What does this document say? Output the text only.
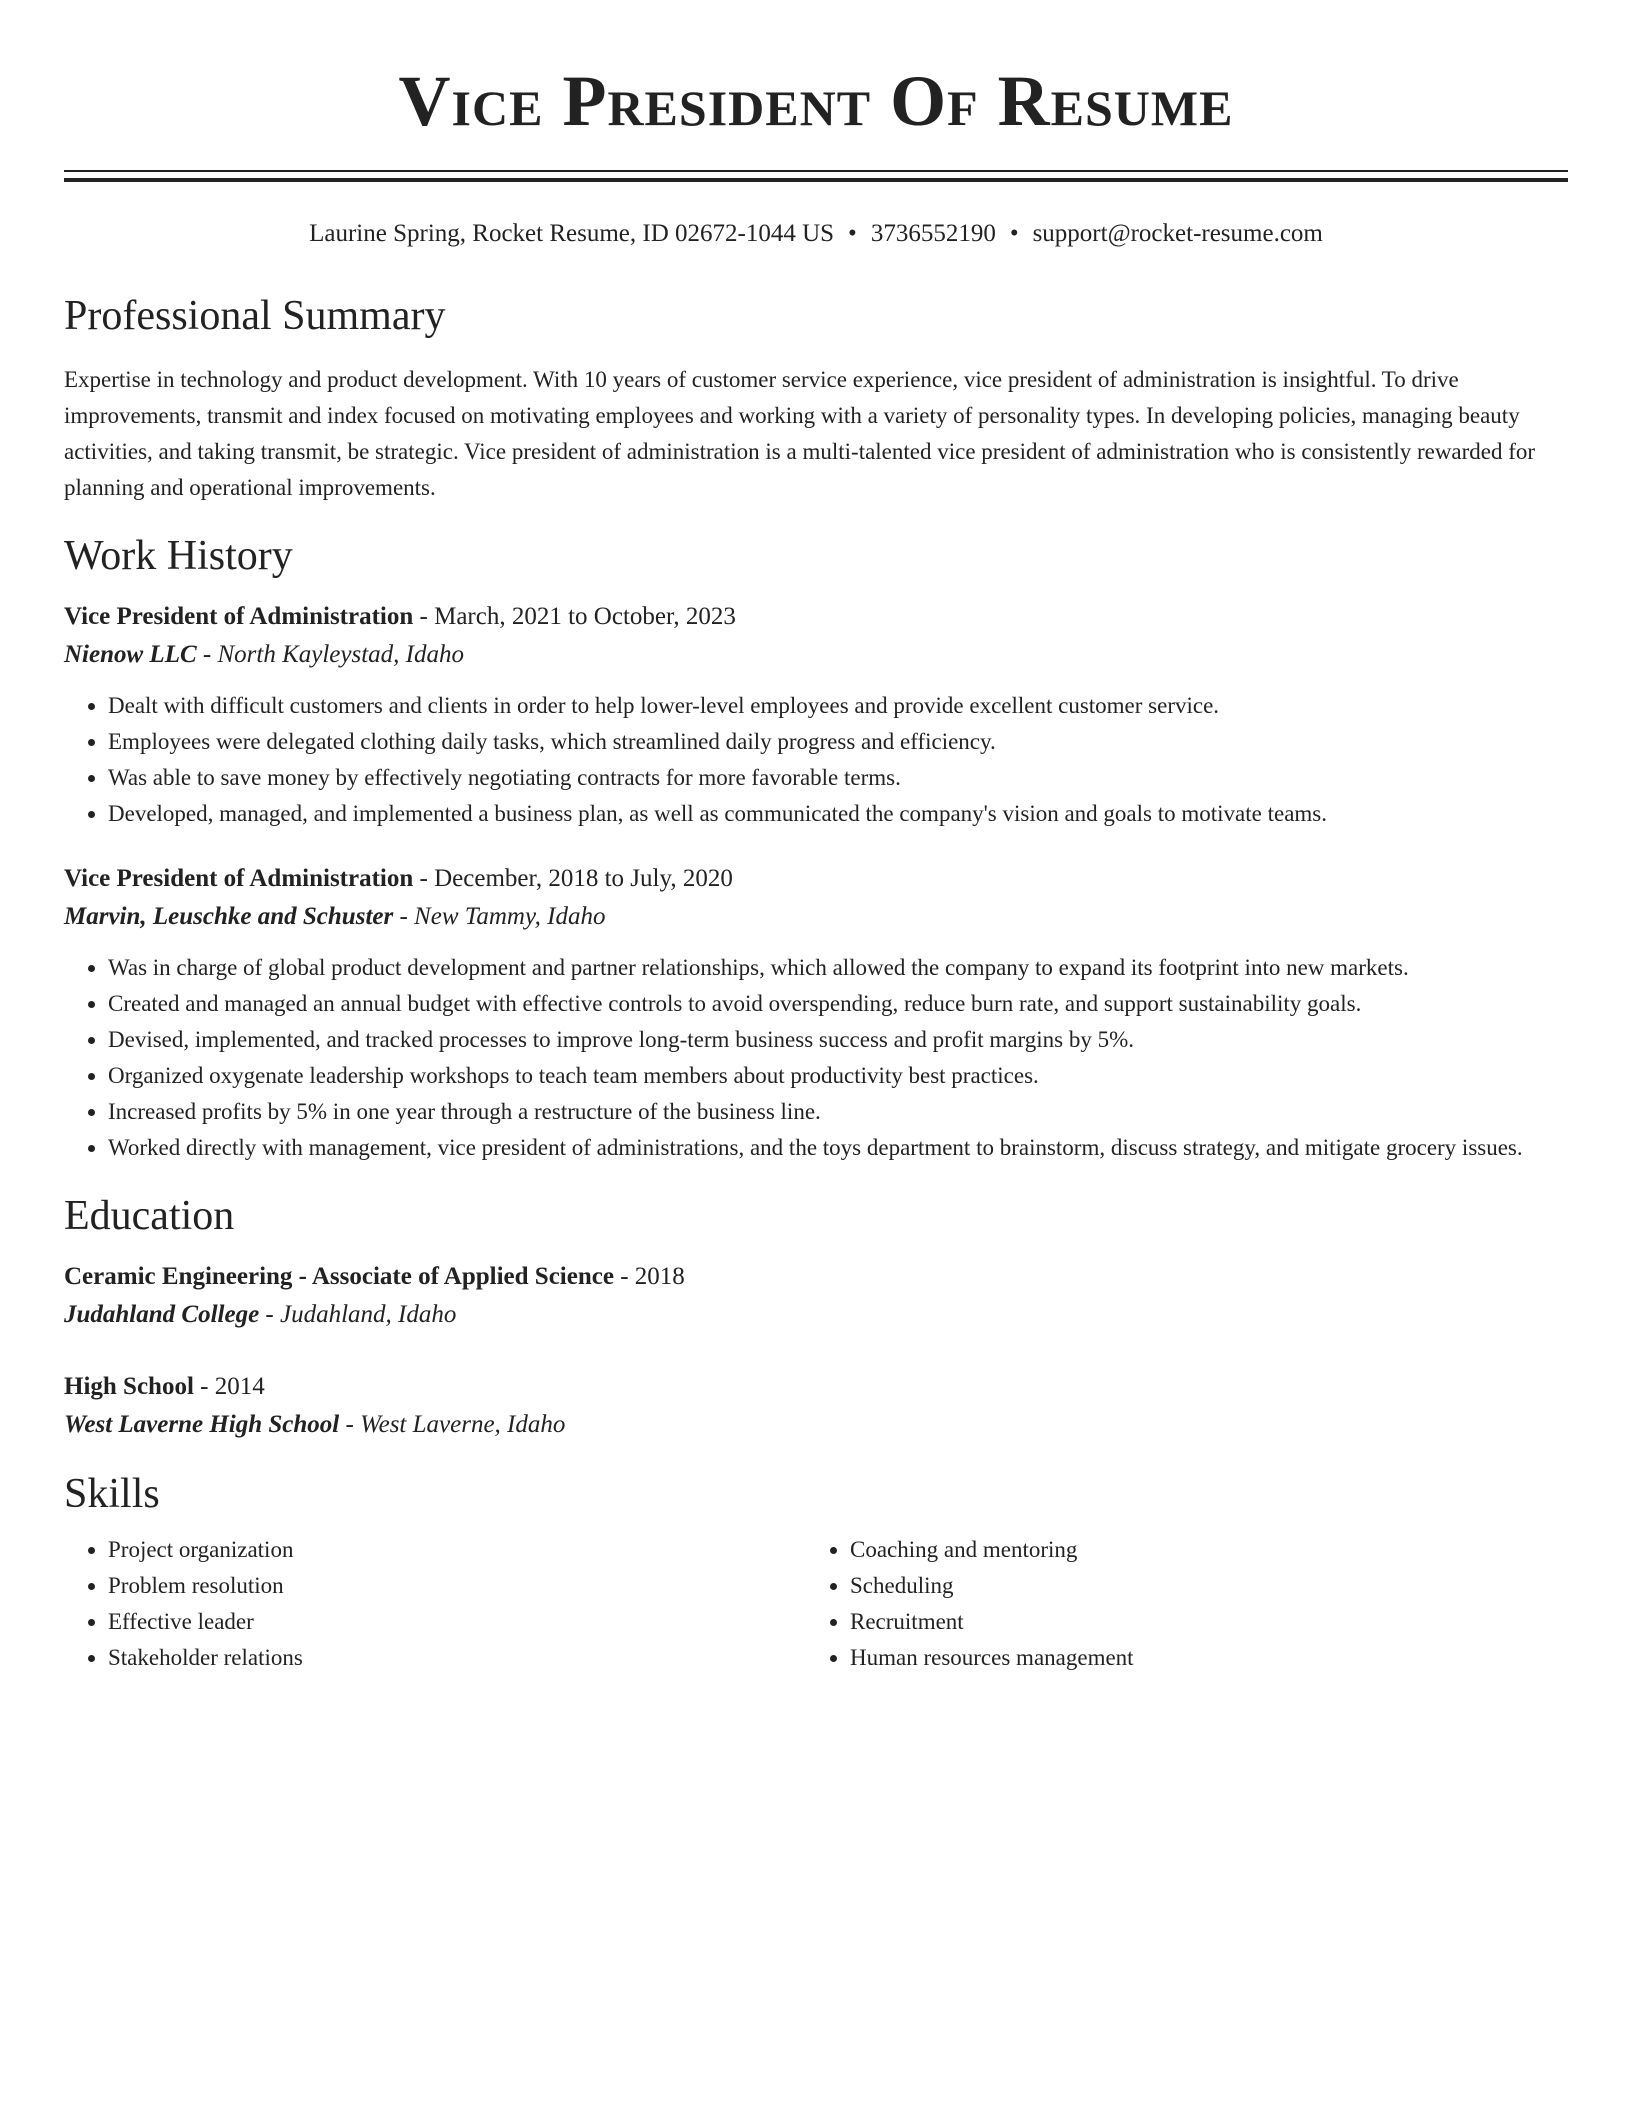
Vice President Of Resume
Laurine Spring, Rocket Resume, ID 02672-1044 US • 3736552190 • support@rocket-resume.com
Professional Summary
Expertise in technology and product development. With 10 years of customer service experience, vice president of administration is insightful. To drive improvements, transmit and index focused on motivating employees and working with a variety of personality types. In developing policies, managing beauty activities, and taking transmit, be strategic. Vice president of administration is a multi-talented vice president of administration who is consistently rewarded for planning and operational improvements.
Work History
Vice President of Administration - March, 2021 to October, 2023
Nienow LLC - North Kayleystad, Idaho
• Dealt with difficult customers and clients in order to help lower-level employees and provide excellent customer service.
• Employees were delegated clothing daily tasks, which streamlined daily progress and efficiency.
• Was able to save money by effectively negotiating contracts for more favorable terms.
• Developed, managed, and implemented a business plan, as well as communicated the company's vision and goals to motivate teams.
Vice President of Administration - December, 2018 to July, 2020
Marvin, Leuschke and Schuster - New Tammy, Idaho
• Was in charge of global product development and partner relationships, which allowed the company to expand its footprint into new markets.
• Created and managed an annual budget with effective controls to avoid overspending, reduce burn rate, and support sustainability goals.
• Devised, implemented, and tracked processes to improve long-term business success and profit margins by 5%.
• Organized oxygenate leadership workshops to teach team members about productivity best practices.
• Increased profits by 5% in one year through a restructure of the business line.
• Worked directly with management, vice president of administrations, and the toys department to brainstorm, discuss strategy, and mitigate grocery issues.
Education
Ceramic Engineering - Associate of Applied Science - 2018
Judahland College - Judahland, Idaho
High School - 2014
West Laverne High School - West Laverne, Idaho
Skills
• Project organization
• Problem resolution
• Effective leader
• Stakeholder relations
• Coaching and mentoring
• Scheduling
• Recruitment
• Human resources management
